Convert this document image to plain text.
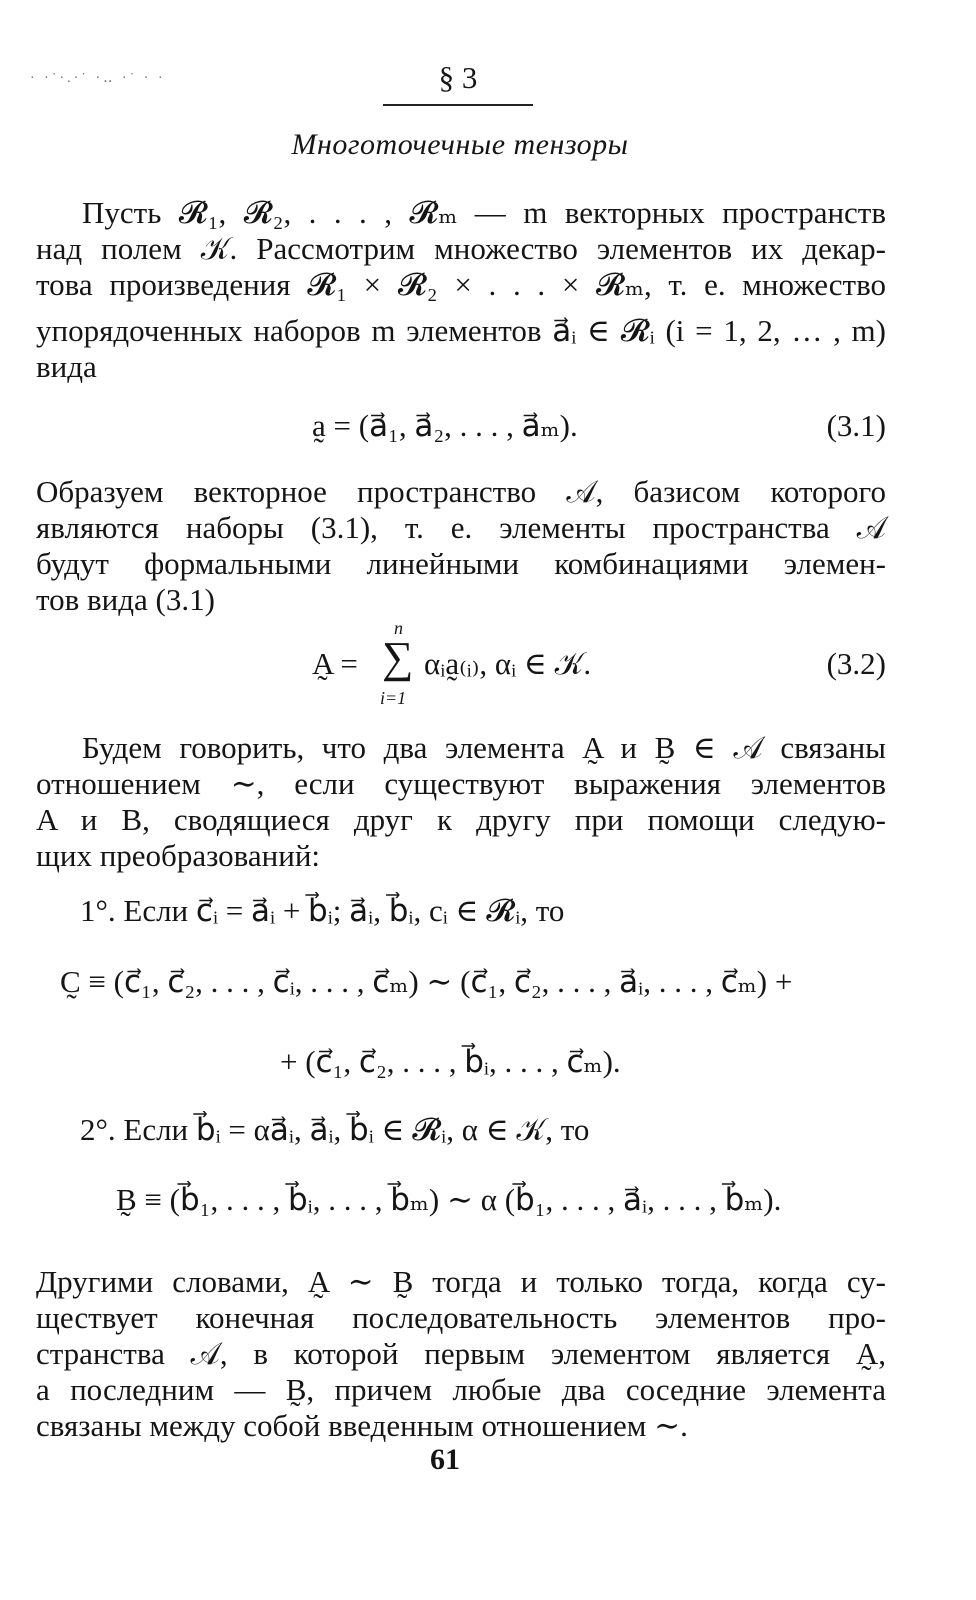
· ·˙·.·˙ ·‥ ·˙ · ·	§ 3
Многоточечные тензоры
Пусть 𝓡₁, 𝓡₂, . . . , 𝓡ₘ — m векторных пространств
над полем 𝒦. Рассмотрим множество элементов их декар-
това произведения 𝓡₁ × 𝓡₂ × . . . × 𝓡ₘ, т. е. множество
упорядоченных наборов m элементов a⃗ᵢ ∈ 𝓡ᵢ (i = 1, 2, … , m)
вида
a̰ = (a⃗₁, a⃗₂, . . . , a⃗ₘ).	(3.1)
Образуем векторное пространство 𝒜, базисом которого
являются наборы (3.1), т. е. элементы пространства 𝒜
будут формальными линейными комбинациями элемен-
тов вида (3.1)
A̰ =
n
∑
i=1
αᵢa̰₍ᵢ₎, αᵢ ∈ 𝒦.	(3.2)
Будем говорить, что два элемента A̰ и B̰ ∈ 𝒜 связаны
отношением ∼, если существуют выражения элементов
A и B, сводящиеся друг к другу при помощи следую-
щих преобразований:
1°. Если c⃗ᵢ = a⃗ᵢ + b⃗ᵢ; a⃗ᵢ, b⃗ᵢ, cᵢ ∈ 𝓡ᵢ, то
C̰ ≡ (c⃗₁, c⃗₂, . . . , c⃗ᵢ, . . . , c⃗ₘ) ∼ (c⃗₁, c⃗₂, . . . , a⃗ᵢ, . . . , c⃗ₘ) +
+ (c⃗₁, c⃗₂, . . . , b⃗ᵢ, . . . , c⃗ₘ).
2°. Если b⃗ᵢ = αa⃗ᵢ, a⃗ᵢ, b⃗ᵢ ∈ 𝓡ᵢ, α ∈ 𝒦, то
B̰ ≡ (b⃗₁, . . . , b⃗ᵢ, . . . , b⃗ₘ) ∼ α (b⃗₁, . . . , a⃗ᵢ, . . . , b⃗ₘ).
Другими словами, A̰ ∼ B̰ тогда и только тогда, когда су-
ществует конечная последовательность элементов про-
странства 𝒜, в которой первым элементом является A̰,
а последним — B̰, причем любые два соседние элемента
связаны между собой введенным отношением ∼.
61
